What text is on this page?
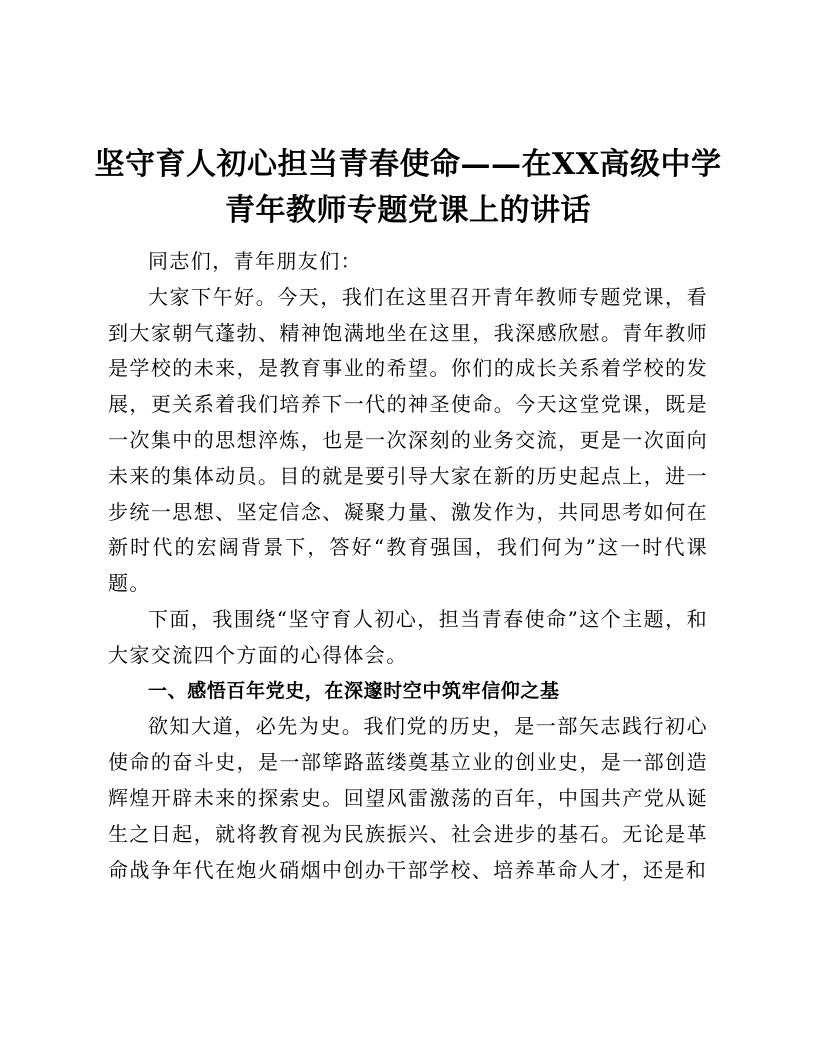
坚守育人初心担当青春使命——在XX高级中学青年教师专题党课上的讲话

同志们，青年朋友们：

大家下午好。今天，我们在这里召开青年教师专题党课，看到大家朝气蓬勃、精神饱满地坐在这里，我深感欣慰。青年教师是学校的未来，是教育事业的希望。你们的成长关系着学校的发展，更关系着我们培养下一代的神圣使命。今天这堂党课，既是一次集中的思想淬炼，也是一次深刻的业务交流，更是一次面向未来的集体动员。目的就是要引导大家在新的历史起点上，进一步统一思想、坚定信念、凝聚力量、激发作为，共同思考如何在新时代的宏阔背景下，答好“教育强国，我们何为”这一时代课题。

下面，我围绕“坚守育人初心，担当青春使命”这个主题，和大家交流四个方面的心得体会。

一、感悟百年党史，在深邃时空中筑牢信仰之基

欲知大道，必先为史。我们党的历史，是一部矢志践行初心使命的奋斗史，是一部筚路蓝缕奠基立业的创业史，是一部创造辉煌开辟未来的探索史。回望风雷激荡的百年，中国共产党从诞生之日起，就将教育视为民族振兴、社会进步的基石。无论是革命战争年代在炮火硝烟中创办干部学校、培养革命人才，还是和
